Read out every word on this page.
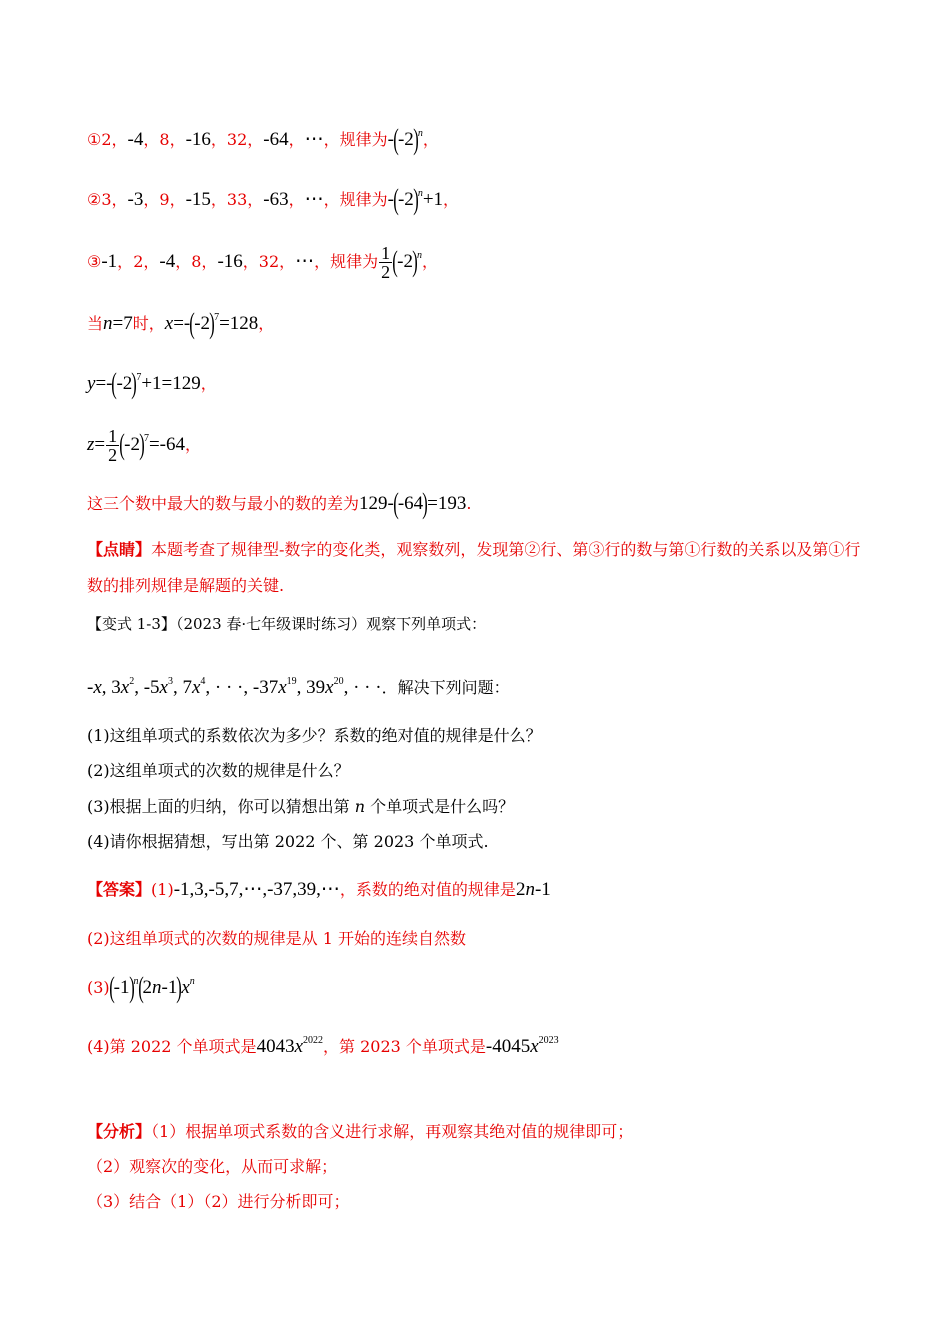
①2，-4，8，-16，32，-64，⋯，规律为$-(-2)^n$，
②3，-3，9，-15，33，-63，⋯，规律为$-(-2)^n+1$，
③-1，2，-4，8，-16，32，⋯，规律为 $\frac{1}{2} (-2)^n$，
当n=7时，$x=-(-2)^7=128$，
$y=-(-2)^7+1=129$，
$z= \frac{1}{2} (-2)^7=-64$，
这三个数中最大的数与最小的数的差为129-(-64)=193.
【点睛】本题考查了规律型-数字的变化类，观察数列，发现第②行、第③行的数与第①行数的关系以及第①行数的排列规律是解题的关键.
【变式 1-3】（2023 春·七年级课时练习）观察下列单项式：
-x, $3x^2$, $-5x^3$, $7x^4$, · · ·, $-37x^{19}$, $39x^{20}$, · · ·．解决下列问题：
(1)这组单项式的系数依次为多少？系数的绝对值的规律是什么？
(2)这组单项式的次数的规律是什么？
(3)根据上面的归纳，你可以猜想出第 n 个单项式是什么吗？
(4)请你根据猜想，写出第 2022 个、第 2023 个单项式.
【答案】(1)-1,3,-5,7,⋯,-37,39,⋯，系数的绝对值的规律是2n-1
(2)这组单项式的次数的规律是从 1 开始的连续自然数
$(3)(-1)^n(2n-1)x^n$
(4)第 2022 个单项式是$4043x^{2022}$，第 2023 个单项式是$-4045x^{2023}$
【分析】（1）根据单项式系数的含义进行求解，再观察其绝对值的规律即可；
（2）观察次的变化，从而可求解；
（3）结合（1）（2）进行分析即可；
